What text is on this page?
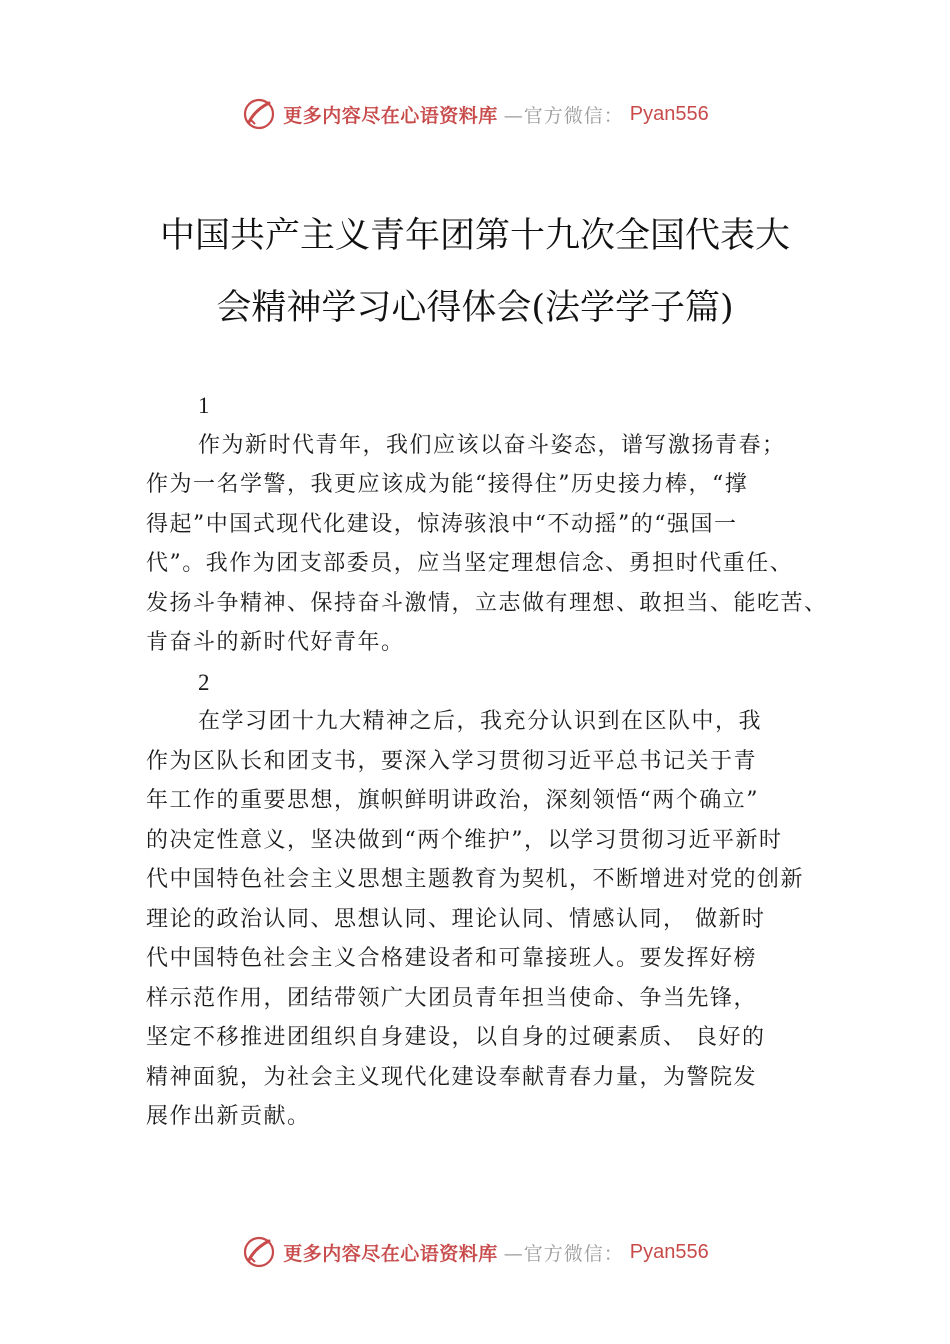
更多内容尽在心语资料库 —官方微信： Pyan556
中国共产主义青年团第十九次全国代表大
会精神学习心得体会(法学学子篇)
1
作为新时代青年，我们应该以奋斗姿态，谱写激扬青春；
作为一名学警，我更应该成为能“接得住”历史接力棒，“撑
得起”中国式现代化建设，惊涛骇浪中“不动摇”的“强国一
代”。我作为团支部委员，应当坚定理想信念、勇担时代重任、
发扬斗争精神、保持奋斗激情，立志做有理想、敢担当、能吃苦、
肯奋斗的新时代好青年。
2
在学习团十九大精神之后，我充分认识到在区队中，我
作为区队长和团支书，要深入学习贯彻习近平总书记关于青
年工作的重要思想，旗帜鲜明讲政治，深刻领悟“两个确立”
的决定性意义，坚决做到“两个维护”，以学习贯彻习近平新时
代中国特色社会主义思想主题教育为契机，不断增进对党的创新
理论的政治认同、思想认同、理论认同、情感认同， 做新时
代中国特色社会主义合格建设者和可靠接班人。要发挥好榜
样示范作用，团结带领广大团员青年担当使命、争当先锋，
坚定不移推进团组织自身建设，以自身的过硬素质、 良好的
精神面貌，为社会主义现代化建设奉献青春力量，为警院发
展作出新贡献。
更多内容尽在心语资料库 —官方微信： Pyan556
